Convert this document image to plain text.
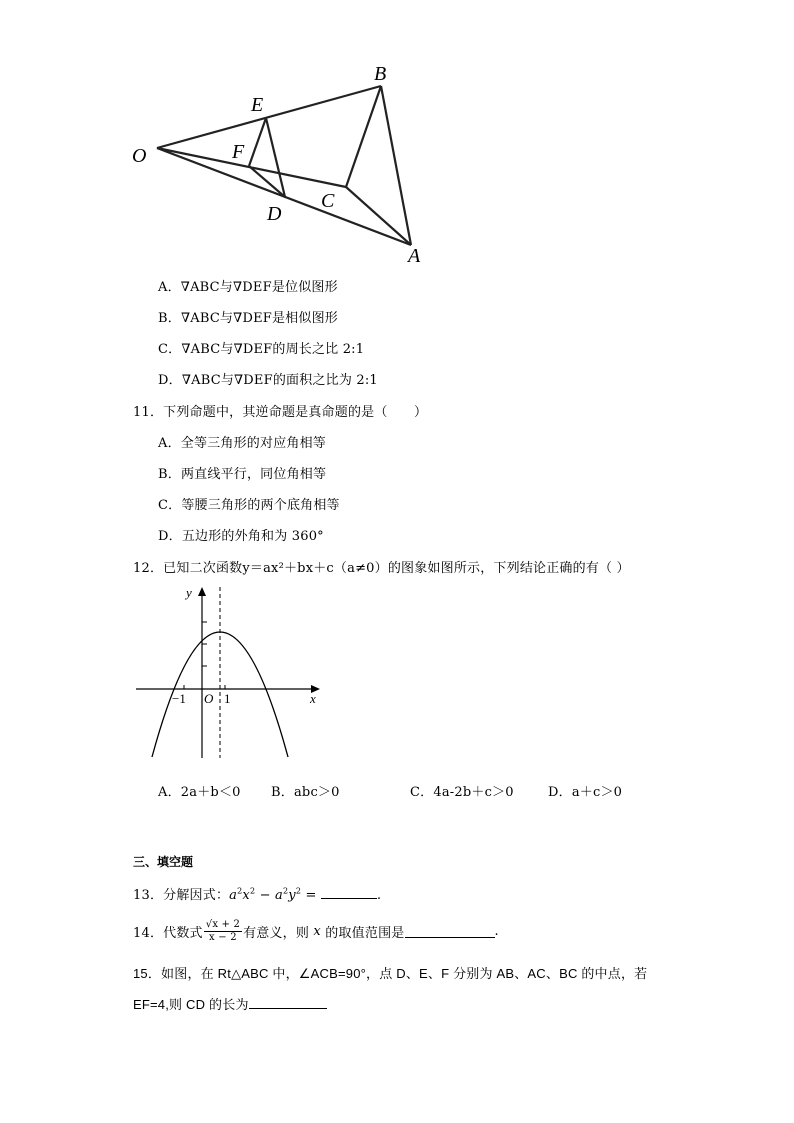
O
E
F
D
C
B
A
A．∇ABC与∇DEF是位似图形
B．∇ABC与∇DEF是相似图形
C．∇ABC与∇DEF的周长之比 2:1
D．∇ABC与∇DEF的面积之比为 2:1
11．下列命题中，其逆命题是真命题的是（　　）
A．全等三角形的对应角相等
B．两直线平行，同位角相等
C．等腰三角形的两个底角相等
D．五边形的外角和为 360°
12．已知二次函数y＝ax²＋bx＋c（a≠0）的图象如图所示，下列结论正确的有（ ）
y
x
−1 O 1
A．2a＋b＜0 B．abc＞0	C．4a-2b＋c＞0	D．a＋c＞0
三、填空题
13．分解因式：$a^2x^2 - a^2y^2$ =	.
14．代数式 $\frac{√x + 2}{x - 2}$ 有意义，则 x 的取值范围是	.
15．如图，在 Rt△ABC 中，∠ACB=90°，点 D、E、F 分别为 AB、AC、BC 的中点，若
EF=4,则 CD 的长为
